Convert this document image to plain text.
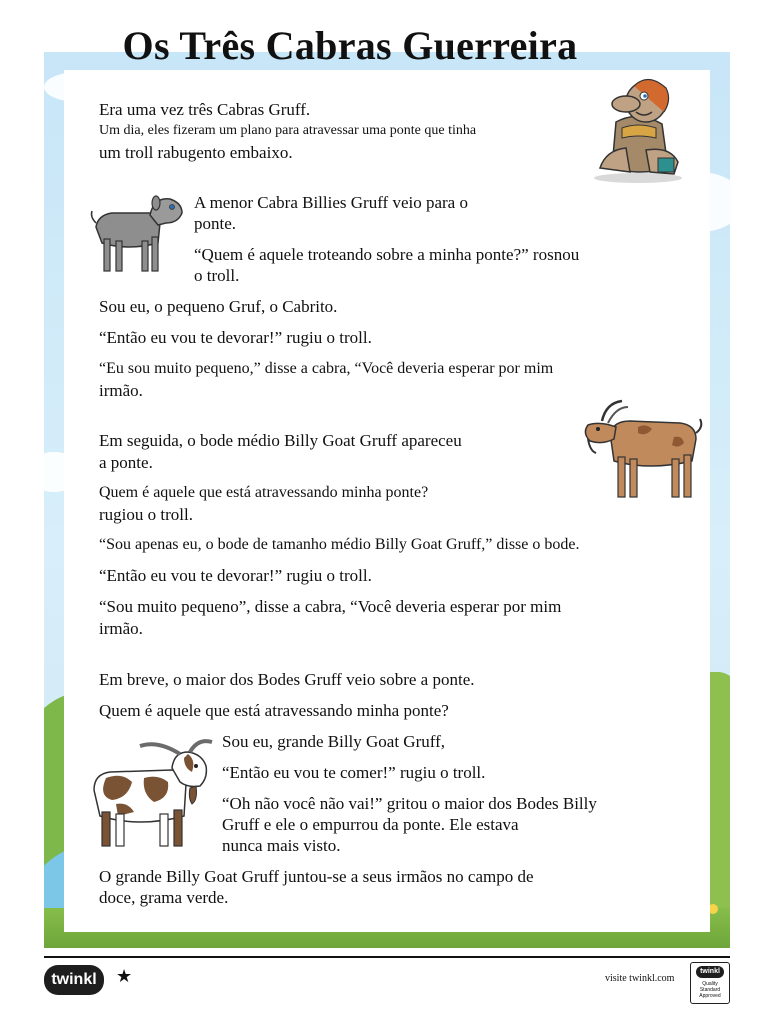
Os Três Cabras Guerreira
Era uma vez três Cabras Gruff.
Um dia, eles fizeram um plano para atravessar uma ponte que tinha
um troll rabugento embaixo.
A menor Cabra Billies Gruff veio para o
ponte.
“Quem é aquele troteando sobre a minha ponte?” rosnou
o troll.
Sou eu, o pequeno Gruf, o Cabrito.
“Então eu vou te devorar!” rugiu o troll.
“Eu sou muito pequeno,” disse a cabra, “Você deveria esperar por mim
irmão.
Em seguida, o bode médio Billy Goat Gruff apareceu
a ponte.
Quem é aquele que está atravessando minha ponte?
rugiou o troll.
“Sou apenas eu, o bode de tamanho médio Billy Goat Gruff,” disse o bode.
“Então eu vou te devorar!” rugiu o troll.
“Sou muito pequeno”, disse a cabra, “Você deveria esperar por mim
irmão.
Em breve, o maior dos Bodes Gruff veio sobre a ponte.
Quem é aquele que está atravessando minha ponte?
Sou eu, grande Billy Goat Gruff,
“Então eu vou te comer!” rugiu o troll.
“Oh não você não vai!” gritou o maior dos Bodes Billy
Gruff e ele o empurrou da ponte. Ele estava
nunca mais visto.
O grande Billy Goat Gruff juntou-se a seus irmãos no campo de
doce, grama verde.
twinkl	★	visite twinkl.com
twinkl
Quality Standard Approved
